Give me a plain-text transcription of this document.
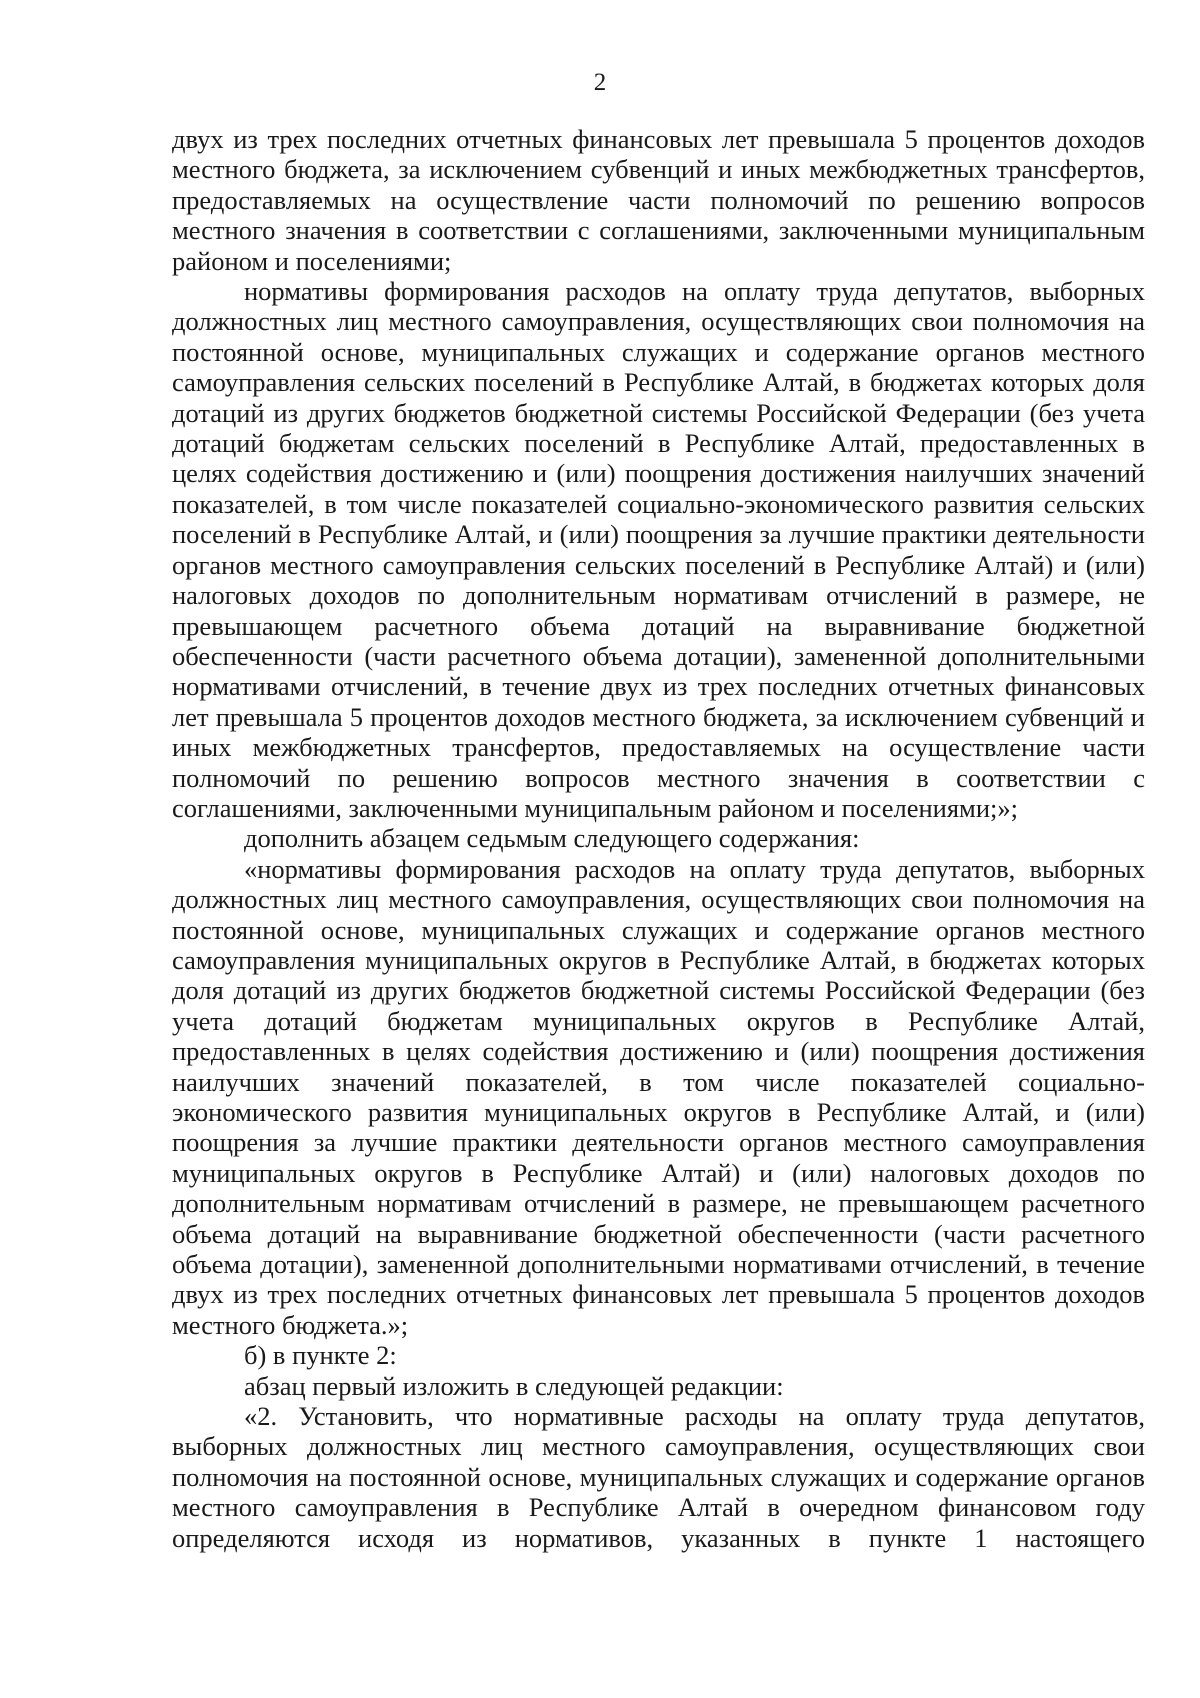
2

двух из трех последних отчетных финансовых лет превышала 5 процентов доходов местного бюджета, за исключением субвенций и иных межбюджетных трансфертов, предоставляемых на осуществление части полномочий по решению вопросов местного значения в соответствии с соглашениями, заключенными муниципальным районом и поселениями;

нормативы формирования расходов на оплату труда депутатов, выборных должностных лиц местного самоуправления, осуществляющих свои полномочия на постоянной основе, муниципальных служащих и содержание органов местного самоуправления сельских поселений в Республике Алтай, в бюджетах которых доля дотаций из других бюджетов бюджетной системы Российской Федерации (без учета дотаций бюджетам сельских поселений в Республике Алтай, предоставленных в целях содействия достижению и (или) поощрения достижения наилучших значений показателей, в том числе показателей социально-экономического развития сельских поселений в Республике Алтай, и (или) поощрения за лучшие практики деятельности органов местного самоуправления сельских поселений в Республике Алтай) и (или) налоговых доходов по дополнительным нормативам отчислений в размере, не превышающем расчетного объема дотаций на выравнивание бюджетной обеспеченности (части расчетного объема дотации), замененной дополнительными нормативами отчислений, в течение двух из трех последних отчетных финансовых лет превышала 5 процентов доходов местного бюджета, за исключением субвенций и иных межбюджетных трансфертов, предоставляемых на осуществление части полномочий по решению вопросов местного значения в соответствии с соглашениями, заключенными муниципальным районом и поселениями;»;

дополнить абзацем седьмым следующего содержания:

«нормативы формирования расходов на оплату труда депутатов, выборных должностных лиц местного самоуправления, осуществляющих свои полномочия на постоянной основе, муниципальных служащих и содержание органов местного самоуправления муниципальных округов в Республике Алтай, в бюджетах которых доля дотаций из других бюджетов бюджетной системы Российской Федерации (без учета дотаций бюджетам муниципальных округов в Республике Алтай, предоставленных в целях содействия достижению и (или) поощрения достижения наилучших значений показателей, в том числе показателей социально-экономического развития муниципальных округов в Республике Алтай, и (или) поощрения за лучшие практики деятельности органов местного самоуправления муниципальных округов в Республике Алтай) и (или) налоговых доходов по дополнительным нормативам отчислений в размере, не превышающем расчетного объема дотаций на выравнивание бюджетной обеспеченности (части расчетного объема дотации), замененной дополнительными нормативами отчислений, в течение двух из трех последних отчетных финансовых лет превышала 5 процентов доходов местного бюджета.»;

б) в пункте 2:

абзац первый изложить в следующей редакции:

«2. Установить, что нормативные расходы на оплату труда депутатов, выборных должностных лиц местного самоуправления, осуществляющих свои полномочия на постоянной основе, муниципальных служащих и содержание органов местного самоуправления в Республике Алтай в очередном финансовом году определяются исходя из нормативов, указанных в пункте 1 настоящего
